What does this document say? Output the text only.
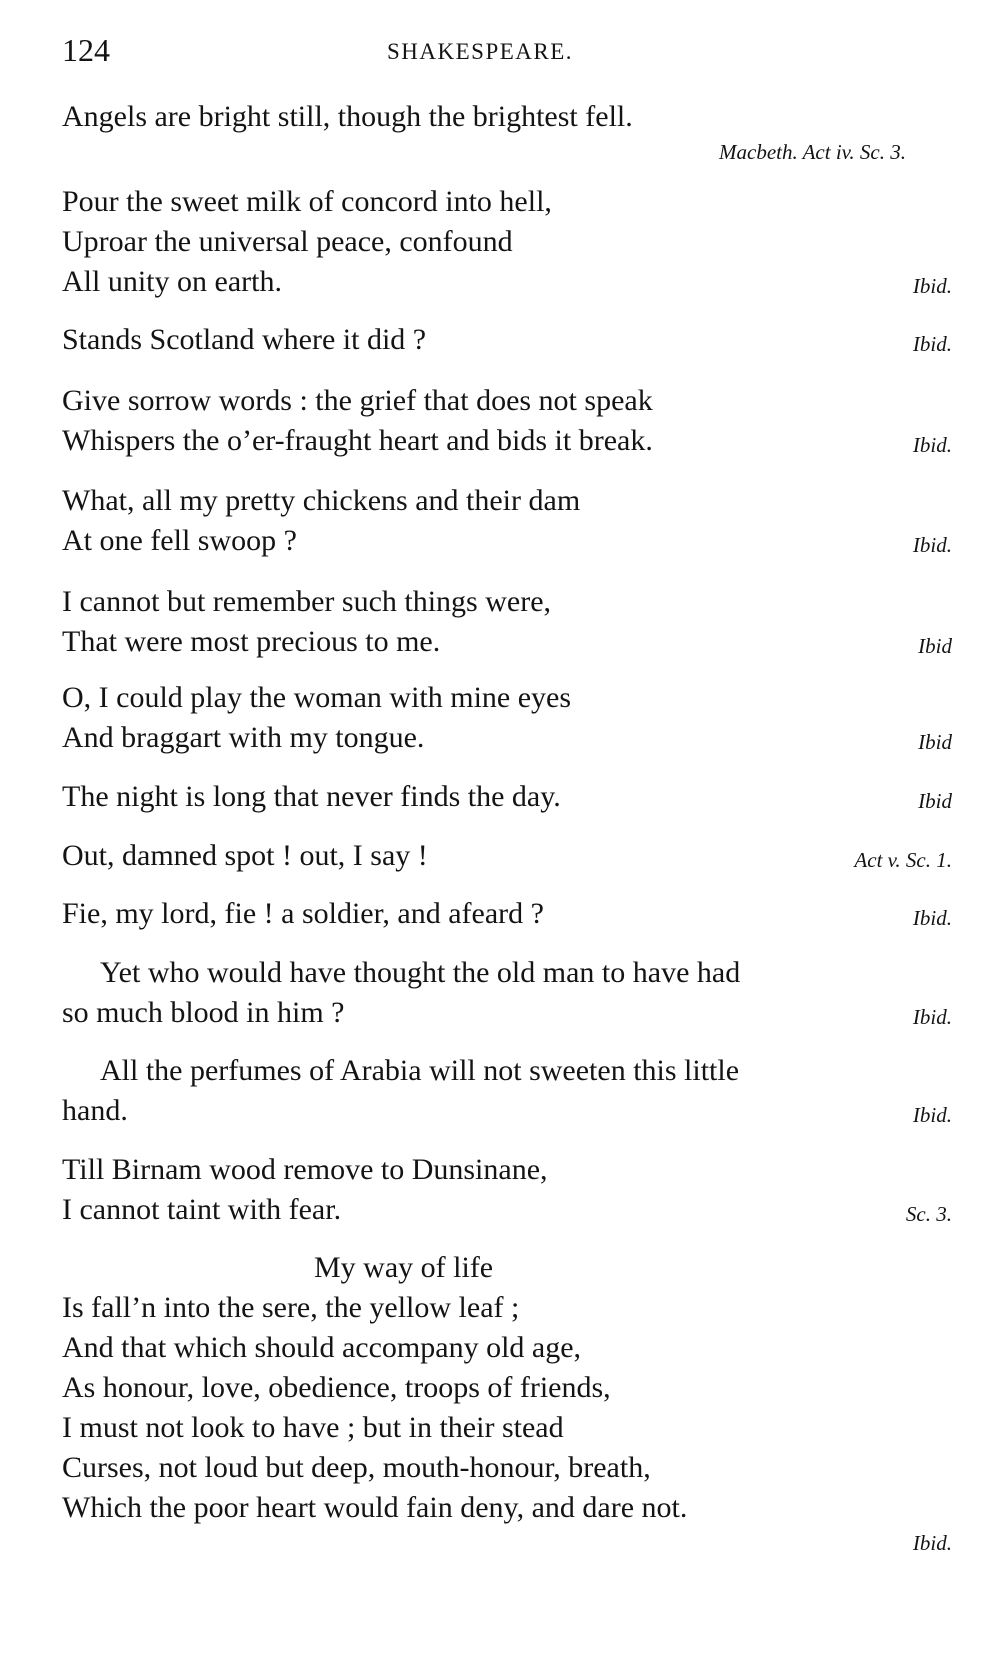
124	SHAKESPEARE.
Angels are bright still, though the brightest fell.
Macbeth. Act iv. Sc. 3.
Pour the sweet milk of concord into hell,
Uproar the universal peace, confound
All unity on earth.	Ibid.
Stands Scotland where it did ?	Ibid.
Give sorrow words : the grief that does not speak
Whispers the o’er-fraught heart and bids it break.	Ibid.
What, all my pretty chickens and their dam
At one fell swoop ?	Ibid.
I cannot but remember such things were,
That were most precious to me.	Ibid
O, I could play the woman with mine eyes
And braggart with my tongue.	Ibid
The night is long that never finds the day.	Ibid
Out, damned spot ! out, I say !	Act v. Sc. 1.
Fie, my lord, fie ! a soldier, and afeard ?	Ibid.
Yet who would have thought the old man to have had
so much blood in him ?	Ibid.
All the perfumes of Arabia will not sweeten this little
hand.	Ibid.
Till Birnam wood remove to Dunsinane,
I cannot taint with fear.	Sc. 3.
My way of life
Is fall’n into the sere, the yellow leaf ;
And that which should accompany old age,
As honour, love, obedience, troops of friends,
I must not look to have ; but in their stead
Curses, not loud but deep, mouth-honour, breath,
Which the poor heart would fain deny, and dare not.
Ibid.
